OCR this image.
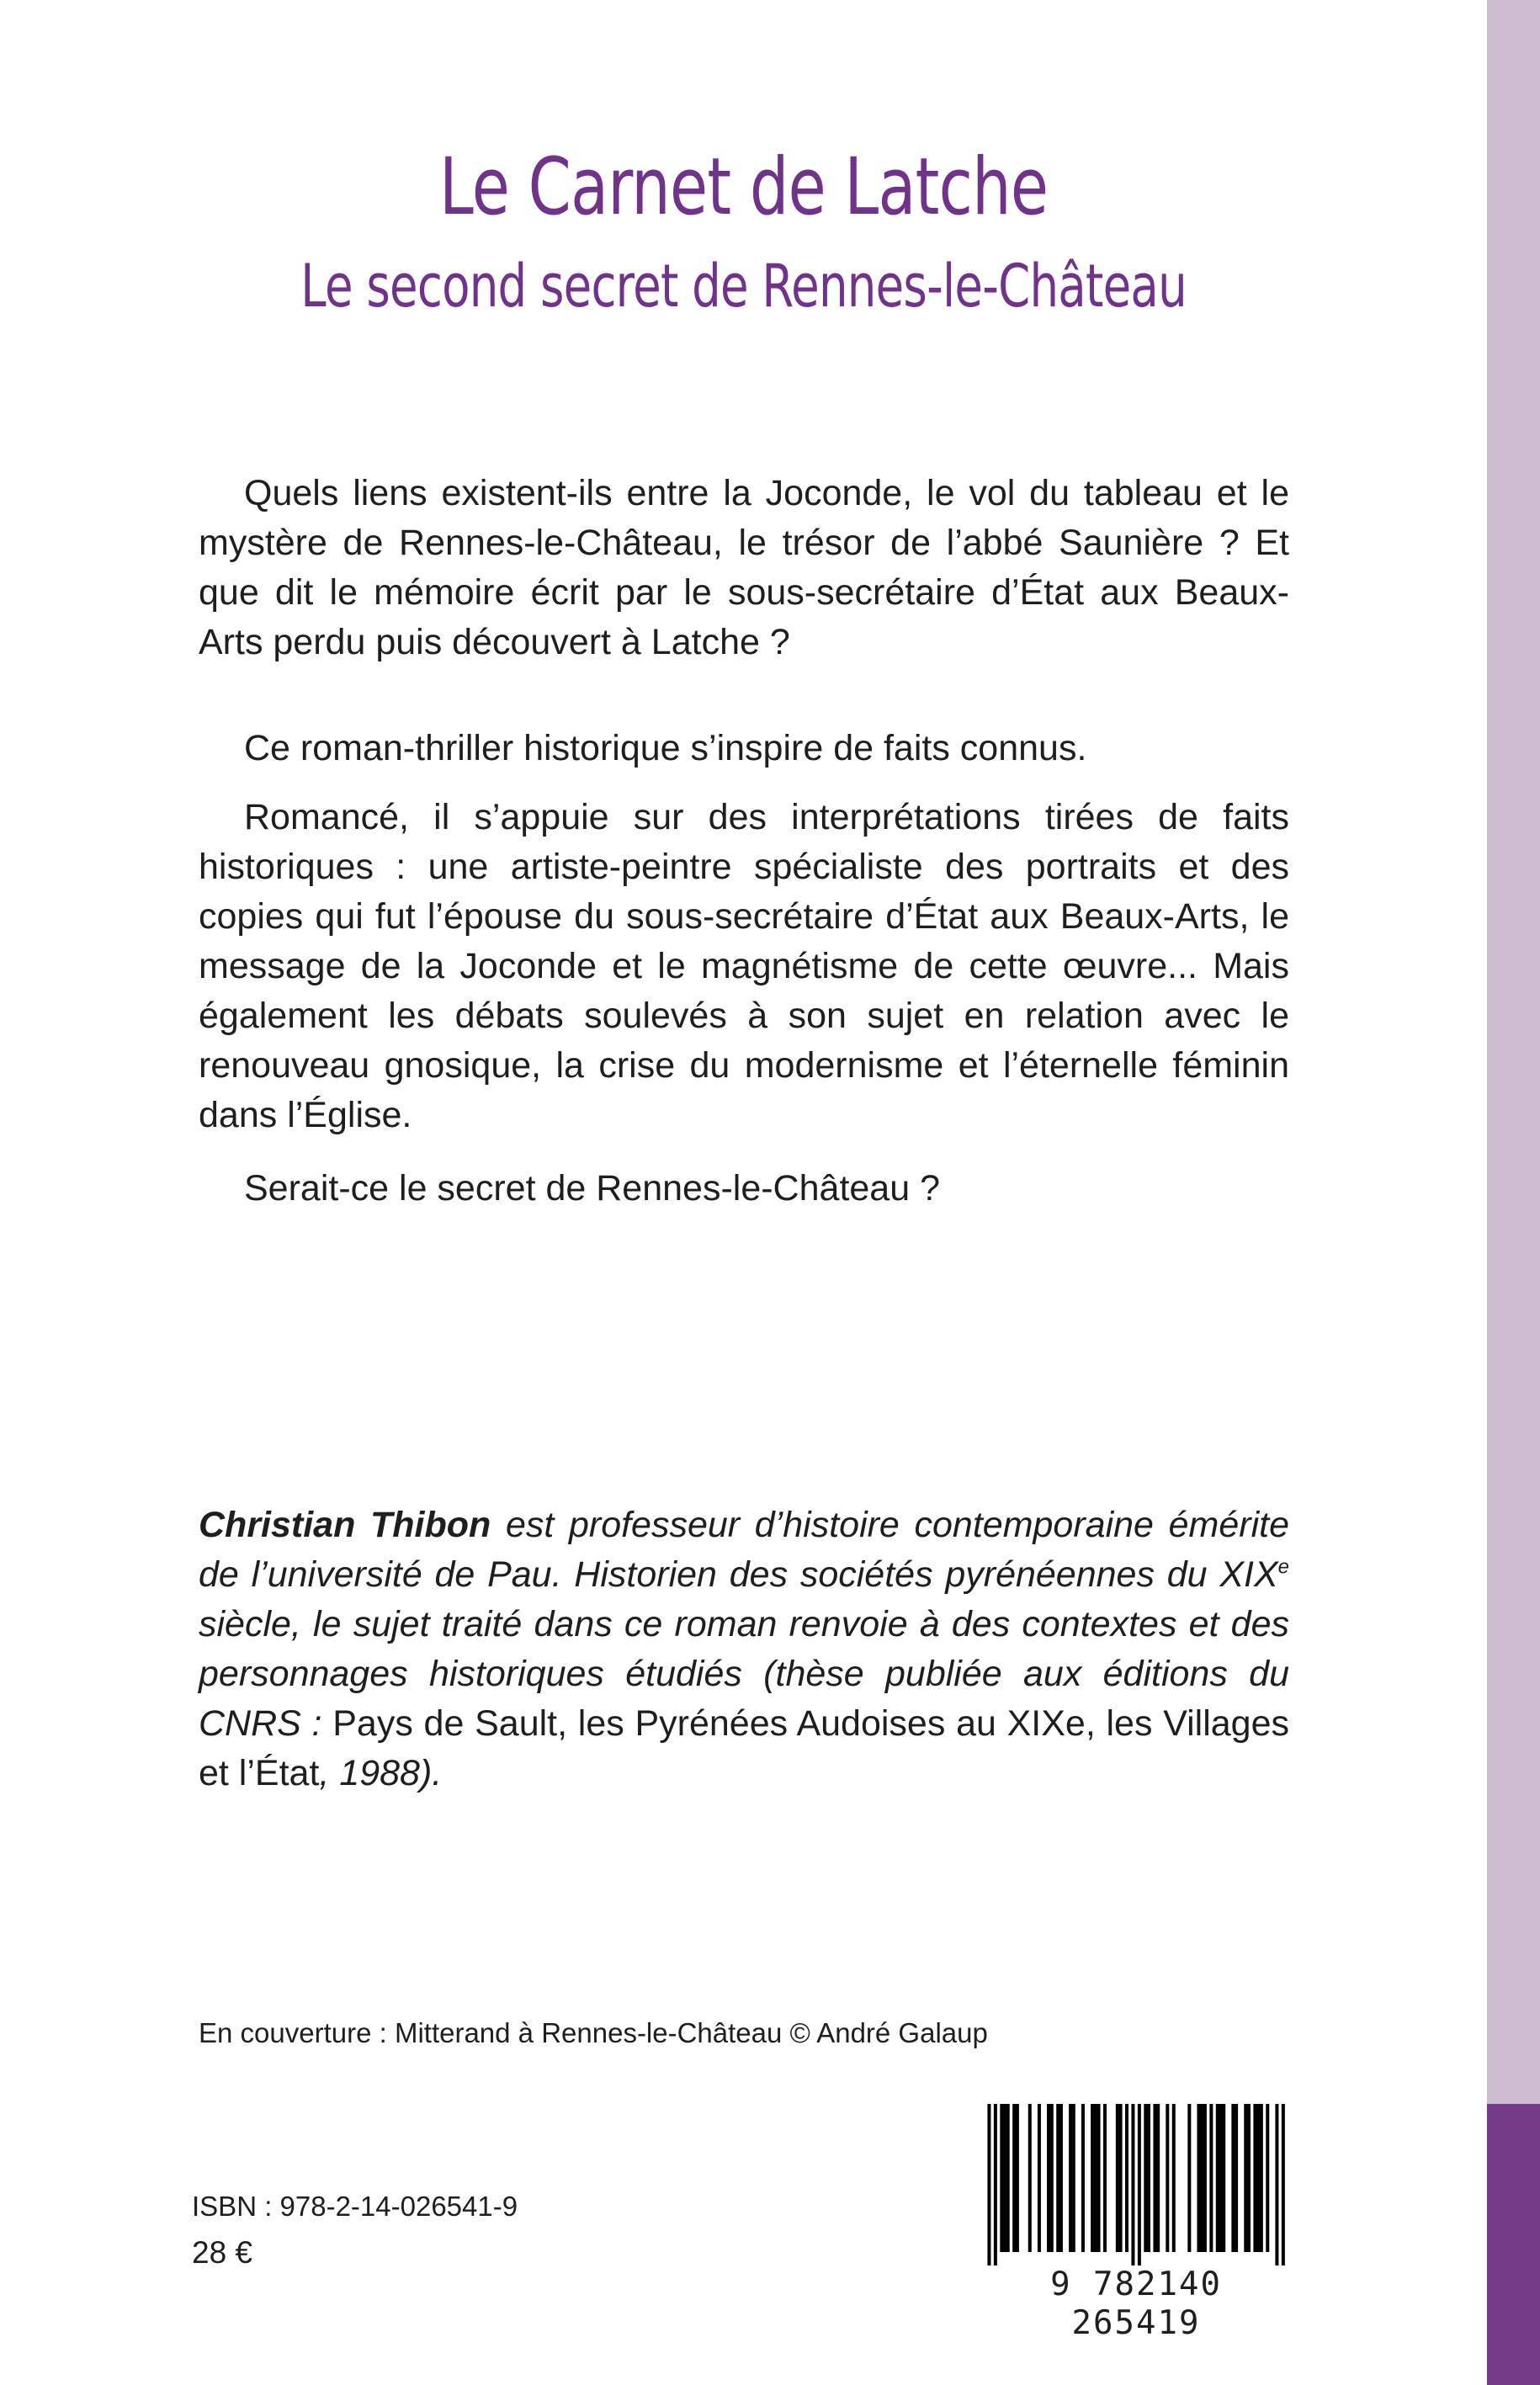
Le Carnet de Latche
Le second secret de Rennes-le-Château

Quels liens existent-ils entre la Joconde, le vol du tableau et le mystère de Rennes-le-Château, le trésor de l’abbé Saunière ? Et que dit le mémoire écrit par le sous-secrétaire d’État aux Beaux-Arts perdu puis découvert à Latche ?

Ce roman-thriller historique s’inspire de faits connus.

Romancé, il s’appuie sur des interprétations tirées de faits historiques : une artiste-peintre spécialiste des portraits et des copies qui fut l’épouse du sous-secrétaire d’État aux Beaux-Arts, le message de la Joconde et le magnétisme de cette œuvre... Mais également les débats soulevés à son sujet en relation avec le renouveau gnosique, la crise du modernisme et l’éternelle féminin dans l’Église.

Serait-ce le secret de Rennes-le-Château ?

Christian Thibon est professeur d’histoire contemporaine émérite de l’université de Pau. Historien des sociétés pyrénéennes du XIXe siècle, le sujet traité dans ce roman renvoie à des contextes et des personnages historiques étudiés (thèse publiée aux éditions du CNRS : Pays de Sault, les Pyrénées Audoises au XIXe, les Villages et l’État, 1988).

En couverture : Mitterand à Rennes-le-Château © André Galaup

ISBN : 978-2-14-026541-9

28 €

9 782140 265419
